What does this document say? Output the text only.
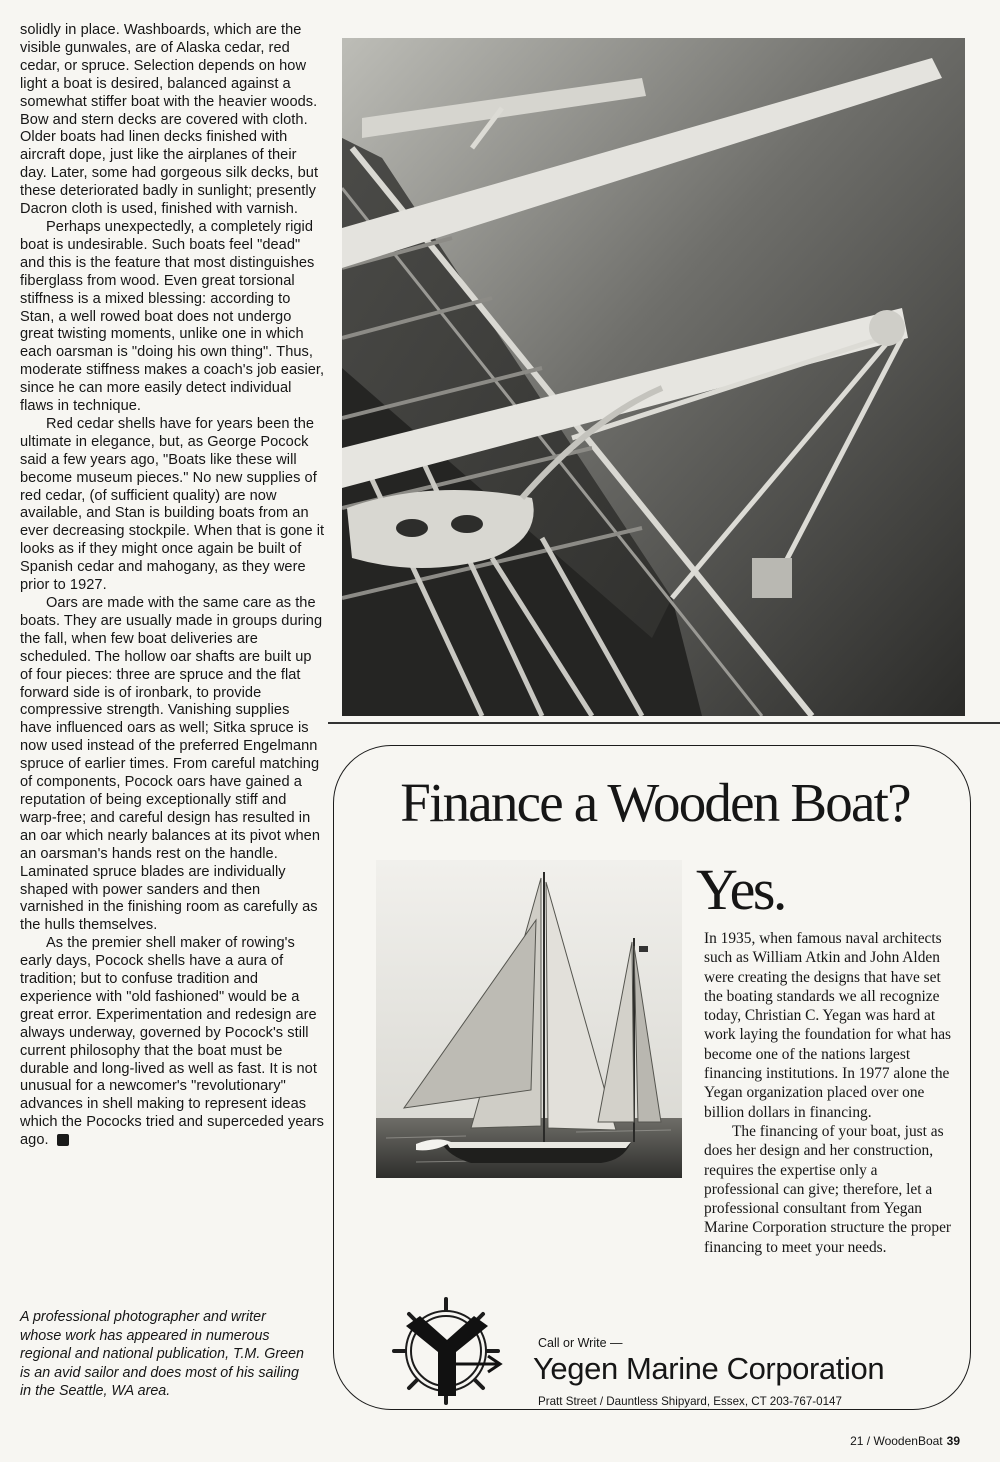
solidly in place. Washboards, which are the visible gunwales, are of Alaska cedar, red cedar, or spruce. Selection depends on how light a boat is desired, balanced against a somewhat stiffer boat with the heavier woods. Bow and stern decks are covered with cloth. Older boats had linen decks finished with aircraft dope, just like the airplanes of their day. Later, some had gorgeous silk decks, but these deteriorated badly in sunlight; presently Dacron cloth is used, finished with varnish.

Perhaps unexpectedly, a completely rigid boat is undesirable. Such boats feel "dead" and this is the feature that most distinguishes fiberglass from wood. Even great torsional stiffness is a mixed blessing: according to Stan, a well rowed boat does not undergo great twisting moments, unlike one in which each oarsman is "doing his own thing". Thus, moderate stiffness makes a coach's job easier, since he can more easily detect individual flaws in technique.

Red cedar shells have for years been the ultimate in elegance, but, as George Pocock said a few years ago, "Boats like these will become museum pieces." No new supplies of red cedar, (of sufficient quality) are now available, and Stan is building boats from an ever decreasing stockpile. When that is gone it looks as if they might once again be built of Spanish cedar and mahogany, as they were prior to 1927.

Oars are made with the same care as the boats. They are usually made in groups during the fall, when few boat deliveries are scheduled. The hollow oar shafts are built up of four pieces: three are spruce and the flat forward side is of ironbark, to provide compressive strength. Vanishing supplies have influenced oars as well; Sitka spruce is now used instead of the preferred Engelmann spruce of earlier times. From careful matching of components, Pocock oars have gained a reputation of being exceptionally stiff and warp-free; and careful design has resulted in an oar which nearly balances at its pivot when an oarsman's hands rest on the handle. Laminated spruce blades are individually shaped with power sanders and then varnished in the finishing room as carefully as the hulls themselves.

As the premier shell maker of rowing's early days, Pocock shells have a aura of tradition; but to confuse tradition and experience with "old fashioned" would be a great error. Experimentation and redesign are always underway, governed by Pocock's still current philosophy that the boat must be durable and long-lived as well as fast. It is not unusual for a newcomer's "revolutionary" advances in shell making to represent ideas which the Pococks tried and superceded years ago.

A professional photographer and writer whose work has appeared in numerous regional and national publication, T.M. Green is an avid sailor and does most of his sailing in the Seattle, WA area.
Finance a Wooden Boat?
Yes.

In 1935, when famous naval architects such as William Atkin and John Alden were creating the designs that have set the boating standards we all recognize today, Christian C. Yegan was hard at work laying the foundation for what has become one of the nations largest financing institutions. In 1977 alone the Yegan organization placed over one billion dollars in financing.

The financing of your boat, just as does her design and her construction, requires the expertise only a professional can give; therefore, let a professional consultant from Yegan Marine Corporation structure the proper financing to meet your needs.

Call or Write —
Yegen Marine Corporation
Pratt Street / Dauntless Shipyard, Essex, CT 203-767-0147
21 / WoodenBoat 39
